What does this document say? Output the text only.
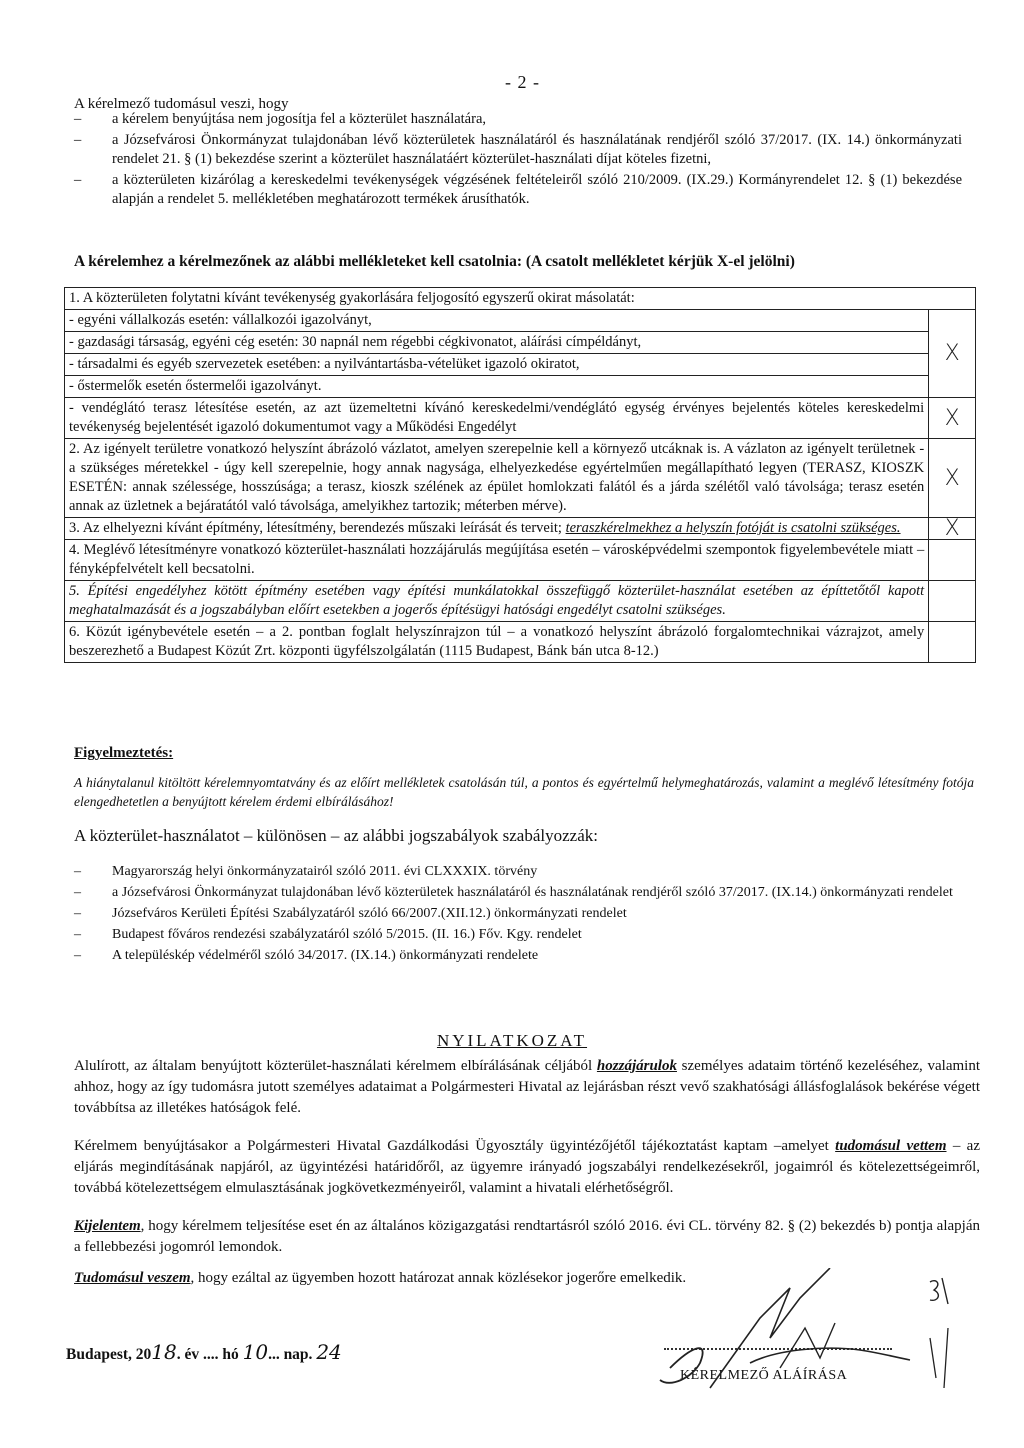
- 2 -
A kérelmező tudomásul veszi, hogy
– a kérelem benyújtása nem jogosítja fel a közterület használatára,
– a Józsefvárosi Önkormányzat tulajdonában lévő közterületek használatáról és használatának rendjéről szóló 37/2017. (IX. 14.) önkormányzati rendelet 21. § (1) bekezdése szerint a közterület használatáért közterület-használati díjat köteles fizetni,
– a közterületen kizárólag a kereskedelmi tevékenységek végzésének feltételeiről szóló 210/2009. (IX.29.) Kormányrendelet 12. § (1) bekezdése alapján a rendelet 5. mellékletében meghatározott termékek árusíthatók.
A kérelemhez a kérelmezőnek az alábbi mellékleteket kell csatolnia: (A csatolt mellékletet kérjük X-el jelölni)
1. A közterületen folytatni kívánt tevékenység gyakorlására feljogosító egyszerű okirat másolatát:	
- egyéni vállalkozás esetén: vállalkozói igazolványt,	X
- gazdasági társaság, egyéni cég esetén: 30 napnál nem régebbi cégkivonatot, aláírási címpéldányt,	
- társadalmi és egyéb szervezetek esetében: a nyilvántartásba-vételüket igazoló okiratot,	
- őstermelők esetén őstermelői igazolványt.	
- vendéglátó terasz létesítése esetén, az azt üzemeltetni kívánó kereskedelmi/vendéglátó egység érvényes bejelentés köteles kereskedelmi tevékenység bejelentését igazoló dokumentumot vagy a Működési Engedélyt	X
2. Az igényelt területre vonatkozó helyszínt ábrázoló vázlatot, amelyen szerepelnie kell a környező utcáknak is. A vázlaton az igényelt területnek - a szükséges méretekkel - úgy kell szerepelnie, hogy annak nagysága, elhelyezkedése egyértelműen megállapítható legyen (TERASZ, KIOSZK ESETÉN: annak szélessége, hosszúsága; a terasz, kioszk szélének az épület homlokzati falától és a járda szélétől való távolsága; terasz esetén annak az üzletnek a bejáratától való távolsága, amelyikhez tartozik; méterben mérve).	X
3. Az elhelyezni kívánt építmény, létesítmény, berendezés műszaki leírását és terveit; teraszkérelmekhez a helyszín fotóját is csatolni szükséges.	X
4. Meglévő létesítményre vonatkozó közterület-használati hozzájárulás megújítása esetén – városképvédelmi szempontok figyelembevétele miatt – fényképfelvételt kell becsatolni.	
5. Építési engedélyhez kötött építmény esetében vagy építési munkálatokkal összefüggő közterület-használat esetében az építtetőtől kapott meghatalmazását és a jogszabályban előírt esetekben a jogerős építésügyi hatósági engedélyt csatolni szükséges.	
6. Közút igénybevétele esetén – a 2. pontban foglalt helyszínrajzon túl – a vonatkozó helyszínt ábrázoló forgalomtechnikai vázrajzot, amely beszerezhető a Budapest Közút Zrt. központi ügyfélszolgálatán (1115 Budapest, Bánk bán utca 8-12.)	
Figyelmeztetés:
A hiánytalanul kitöltött kérelemnyomtatvány és az előírt mellékletek csatolásán túl, a pontos és egyértelmű helymeghatározás, valamint a meglévő létesítmény fotója elengedhetetlen a benyújtott kérelem érdemi elbírálásához!
A közterület-használatot – különösen – az alábbi jogszabályok szabályozzák:
– Magyarország helyi önkormányzatairól szóló 2011. évi CLXXXIX. törvény
– a Józsefvárosi Önkormányzat tulajdonában lévő közterületek használatáról és használatának rendjéről szóló 37/2017. (IX.14.) önkormányzati rendelet
– Józsefváros Kerületi Építési Szabályzatáról szóló 66/2007.(XII.12.) önkormányzati rendelet
– Budapest főváros rendezési szabályzatáról szóló 5/2015. (II. 16.) Főv. Kgy. rendelet
– A településkép védelméről szóló 34/2017. (IX.14.) önkormányzati rendelete
NYILATKOZAT
Alulírott, az általam benyújtott közterület-használati kérelmem elbírálásának céljából hozzájárulok személyes adataim történő kezeléséhez, valamint ahhoz, hogy az így tudomásra jutott személyes adataimat a Polgármesteri Hivatal az lejárásban részt vevő szakhatósági állásfoglalások bekérése végett továbbítsa az illetékes hatóságok felé.
Kérelmem benyújtásakor a Polgármesteri Hivatal Gazdálkodási Ügyosztály ügyintézőjétől tájékoztatást kaptam –amelyet tudomásul vettem – az eljárás megindításának napjáról, az ügyintézési határidőről, az ügyemre irányadó jogszabályi rendelkezésekről, jogaimról és kötelezettségeimről, továbbá kötelezettségem elmulasztásának jogkövetkezményeiről, valamint a hivatali elérhetőségről.
Kijelentem, hogy kérelmem teljesítése eset én az általános közigazgatási rendtartásról szóló 2016. évi CL. törvény 82. § (2) bekezdés b) pontja alapján a fellebbezési jogomról lemondok.
Tudomásul veszem, hogy ezáltal az ügyemben hozott határozat annak közlésekor jogerőre emelkedik.
Budapest, 2018. év .... hó 10... nap. 24
KÉRELMEZŐ ALÁÍRÁSA
